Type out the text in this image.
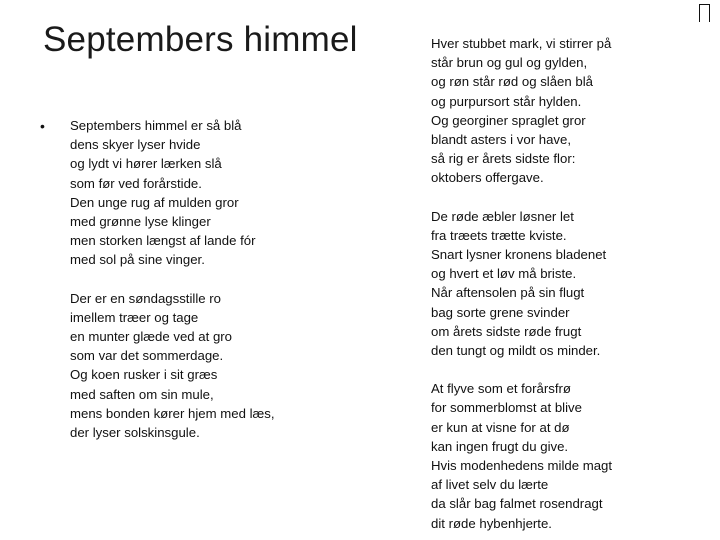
Septembers himmel
• Septembers himmel er så blå
dens skyer lyser hvide
og lydt vi hører lærken slå
som før ved forårstide.
Den unge rug af mulden gror
med grønne lyse klinger
men storken længst af lande fór
med sol på sine vinger.
Der er en søndagsstille ro
imellem træer og tage
en munter glæde ved at gro
som var det sommerdage.
Og koen rusker i sit græs
med saften om sin mule,
mens bonden kører hjem med læs,
der lyser solskinsgule.
Hver stubbet mark, vi stirrer på
står brun og gul og gylden,
og røn står rød og slåen blå
og purpursort står hylden.
Og georginer spraglet gror
blandt asters i vor have,
så rig er årets sidste flor:
oktobers offergave.
De røde æbler løsner let
fra træets trætte kviste.
Snart lysner kronens bladenet
og hvert et løv må briste.
Når aftensolen på sin flugt
bag sorte grene svinder
om årets sidste røde frugt
den tungt og mildt os minder.
At flyve som et forårsfrø
for sommerblomst at blive
er kun at visne for at dø
kan ingen frugt du give.
Hvis modenhedens milde magt
af livet selv du lærte
da slår bag falmet rosendragt
dit røde hybenhjerte.
